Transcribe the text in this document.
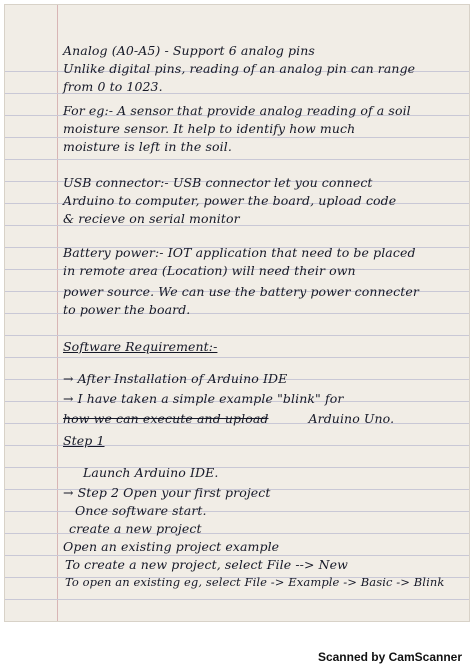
Analog (A0-A5) - Support 6 analog pins
Unlike digital pins, reading of an analog pin can range
from 0 to 1023.
For eg:- A sensor that provide analog reading of a soil
moisture sensor. It help to identify how much
moisture is left in the soil.
USB connector:- USB connector let you connect
Arduino to computer, power the board, upload code
& recieve on serial monitor
Battery power:- IOT application that need to be placed
in remote area (Location) will need their own
power source. We can use the battery power connecter
to power the board.
Software Requirement:-
→ After Installation of Arduino IDE
→ I have taken a simple example "blink" for
how we can execute and upload	Arduino Uno.
Step 1
Launch Arduino IDE.
→ Step 2 Open your first project
Once software start.
create a new project
Open an existing project example
To create a new project, select File --> New
To open an existing eg, select File -> Example -> Basic -> Blink
Scanned by CamScanner
